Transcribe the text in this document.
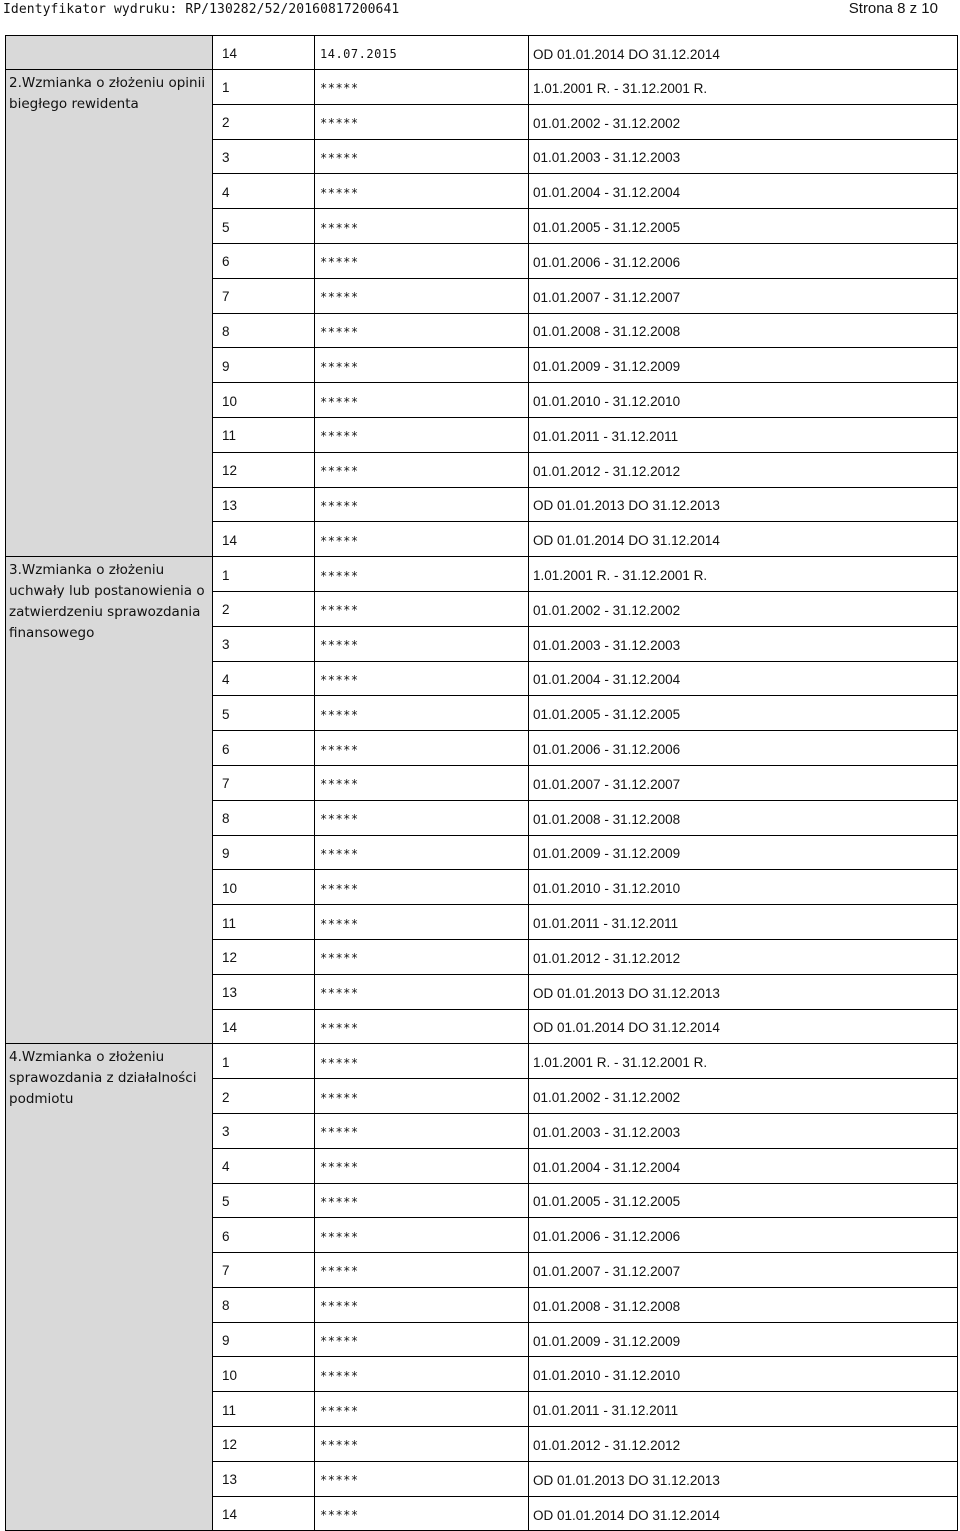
Identyfikator wydruku: RP/130282/52/20160817200641	Strona 8 z 10
	14	14.07.2015	OD 01.01.2014 DO 31.12.2014
2.Wzmianka o złożeniu opinii biegłego rewidenta	1	*****	1.01.2001 R. - 31.12.2001 R.
	2	*****	01.01.2002 - 31.12.2002
	3	*****	01.01.2003 - 31.12.2003
	4	*****	01.01.2004 - 31.12.2004
	5	*****	01.01.2005 - 31.12.2005
	6	*****	01.01.2006 - 31.12.2006
	7	*****	01.01.2007 - 31.12.2007
	8	*****	01.01.2008 - 31.12.2008
	9	*****	01.01.2009 - 31.12.2009
	10	*****	01.01.2010 - 31.12.2010
	11	*****	01.01.2011 - 31.12.2011
	12	*****	01.01.2012 - 31.12.2012
	13	*****	OD 01.01.2013 DO 31.12.2013
	14	*****	OD 01.01.2014 DO 31.12.2014
3.Wzmianka o złożeniu uchwały lub postanowienia o zatwierdzeniu sprawozdania finansowego	1	*****	1.01.2001 R. - 31.12.2001 R.
	2	*****	01.01.2002 - 31.12.2002
	3	*****	01.01.2003 - 31.12.2003
	4	*****	01.01.2004 - 31.12.2004
	5	*****	01.01.2005 - 31.12.2005
	6	*****	01.01.2006 - 31.12.2006
	7	*****	01.01.2007 - 31.12.2007
	8	*****	01.01.2008 - 31.12.2008
	9	*****	01.01.2009 - 31.12.2009
	10	*****	01.01.2010 - 31.12.2010
	11	*****	01.01.2011 - 31.12.2011
	12	*****	01.01.2012 - 31.12.2012
	13	*****	OD 01.01.2013 DO 31.12.2013
	14	*****	OD 01.01.2014 DO 31.12.2014
4.Wzmianka o złożeniu sprawozdania z działalności podmiotu	1	*****	1.01.2001 R. - 31.12.2001 R.
	2	*****	01.01.2002 - 31.12.2002
	3	*****	01.01.2003 - 31.12.2003
	4	*****	01.01.2004 - 31.12.2004
	5	*****	01.01.2005 - 31.12.2005
	6	*****	01.01.2006 - 31.12.2006
	7	*****	01.01.2007 - 31.12.2007
	8	*****	01.01.2008 - 31.12.2008
	9	*****	01.01.2009 - 31.12.2009
	10	*****	01.01.2010 - 31.12.2010
	11	*****	01.01.2011 - 31.12.2011
	12	*****	01.01.2012 - 31.12.2012
	13	*****	OD 01.01.2013 DO 31.12.2013
	14	*****	OD 01.01.2014 DO 31.12.2014
